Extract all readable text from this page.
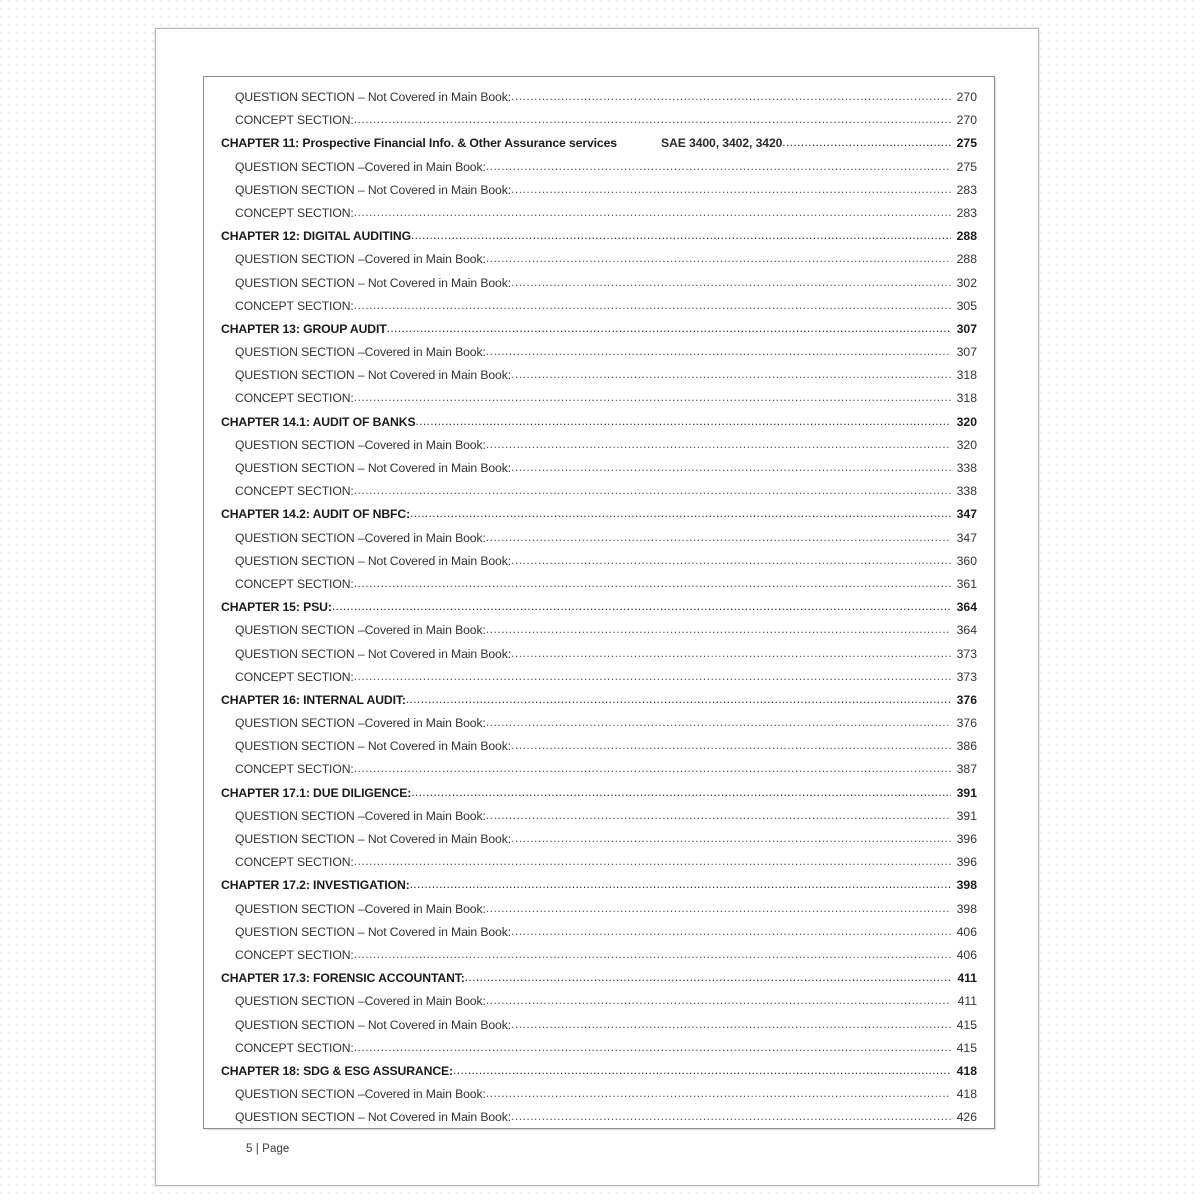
QUESTION SECTION – Not Covered in Main Book: .....	270
CONCEPT SECTION: .....	270
CHAPTER 11: Prospective Financial Info. & Other Assurance services	SAE 3400, 3402, 3420 .....	275
QUESTION SECTION –Covered in Main Book: .....	275
QUESTION SECTION – Not Covered in Main Book: .....	283
CONCEPT SECTION: .....	283
CHAPTER 12: DIGITAL AUDITING .....	288
QUESTION SECTION –Covered in Main Book: .....	288
QUESTION SECTION – Not Covered in Main Book: .....	302
CONCEPT SECTION: .....	305
CHAPTER 13: GROUP AUDIT .....	307
QUESTION SECTION –Covered in Main Book: .....	307
QUESTION SECTION – Not Covered in Main Book: .....	318
CONCEPT SECTION: .....	318
CHAPTER 14.1: AUDIT OF BANKS .....	320
QUESTION SECTION –Covered in Main Book: .....	320
QUESTION SECTION – Not Covered in Main Book: .....	338
CONCEPT SECTION: .....	338
CHAPTER 14.2: AUDIT OF NBFC: .....	347
QUESTION SECTION –Covered in Main Book: .....	347
QUESTION SECTION – Not Covered in Main Book: .....	360
CONCEPT SECTION: .....	361
CHAPTER 15: PSU: .....	364
QUESTION SECTION –Covered in Main Book: .....	364
QUESTION SECTION – Not Covered in Main Book: .....	373
CONCEPT SECTION: .....	373
CHAPTER 16: INTERNAL AUDIT: .....	376
QUESTION SECTION –Covered in Main Book: .....	376
QUESTION SECTION – Not Covered in Main Book: .....	386
CONCEPT SECTION: .....	387
CHAPTER 17.1: DUE DILIGENCE: .....	391
QUESTION SECTION –Covered in Main Book: .....	391
QUESTION SECTION – Not Covered in Main Book: .....	396
CONCEPT SECTION: .....	396
CHAPTER 17.2: INVESTIGATION: .....	398
QUESTION SECTION –Covered in Main Book: .....	398
QUESTION SECTION – Not Covered in Main Book: .....	406
CONCEPT SECTION: .....	406
CHAPTER 17.3: FORENSIC ACCOUNTANT: .....	411
QUESTION SECTION –Covered in Main Book: .....	411
QUESTION SECTION – Not Covered in Main Book: .....	415
CONCEPT SECTION: .....	415
CHAPTER 18: SDG & ESG ASSURANCE: .....	418
QUESTION SECTION –Covered in Main Book: .....	418
QUESTION SECTION – Not Covered in Main Book: .....	426
5 | Page
